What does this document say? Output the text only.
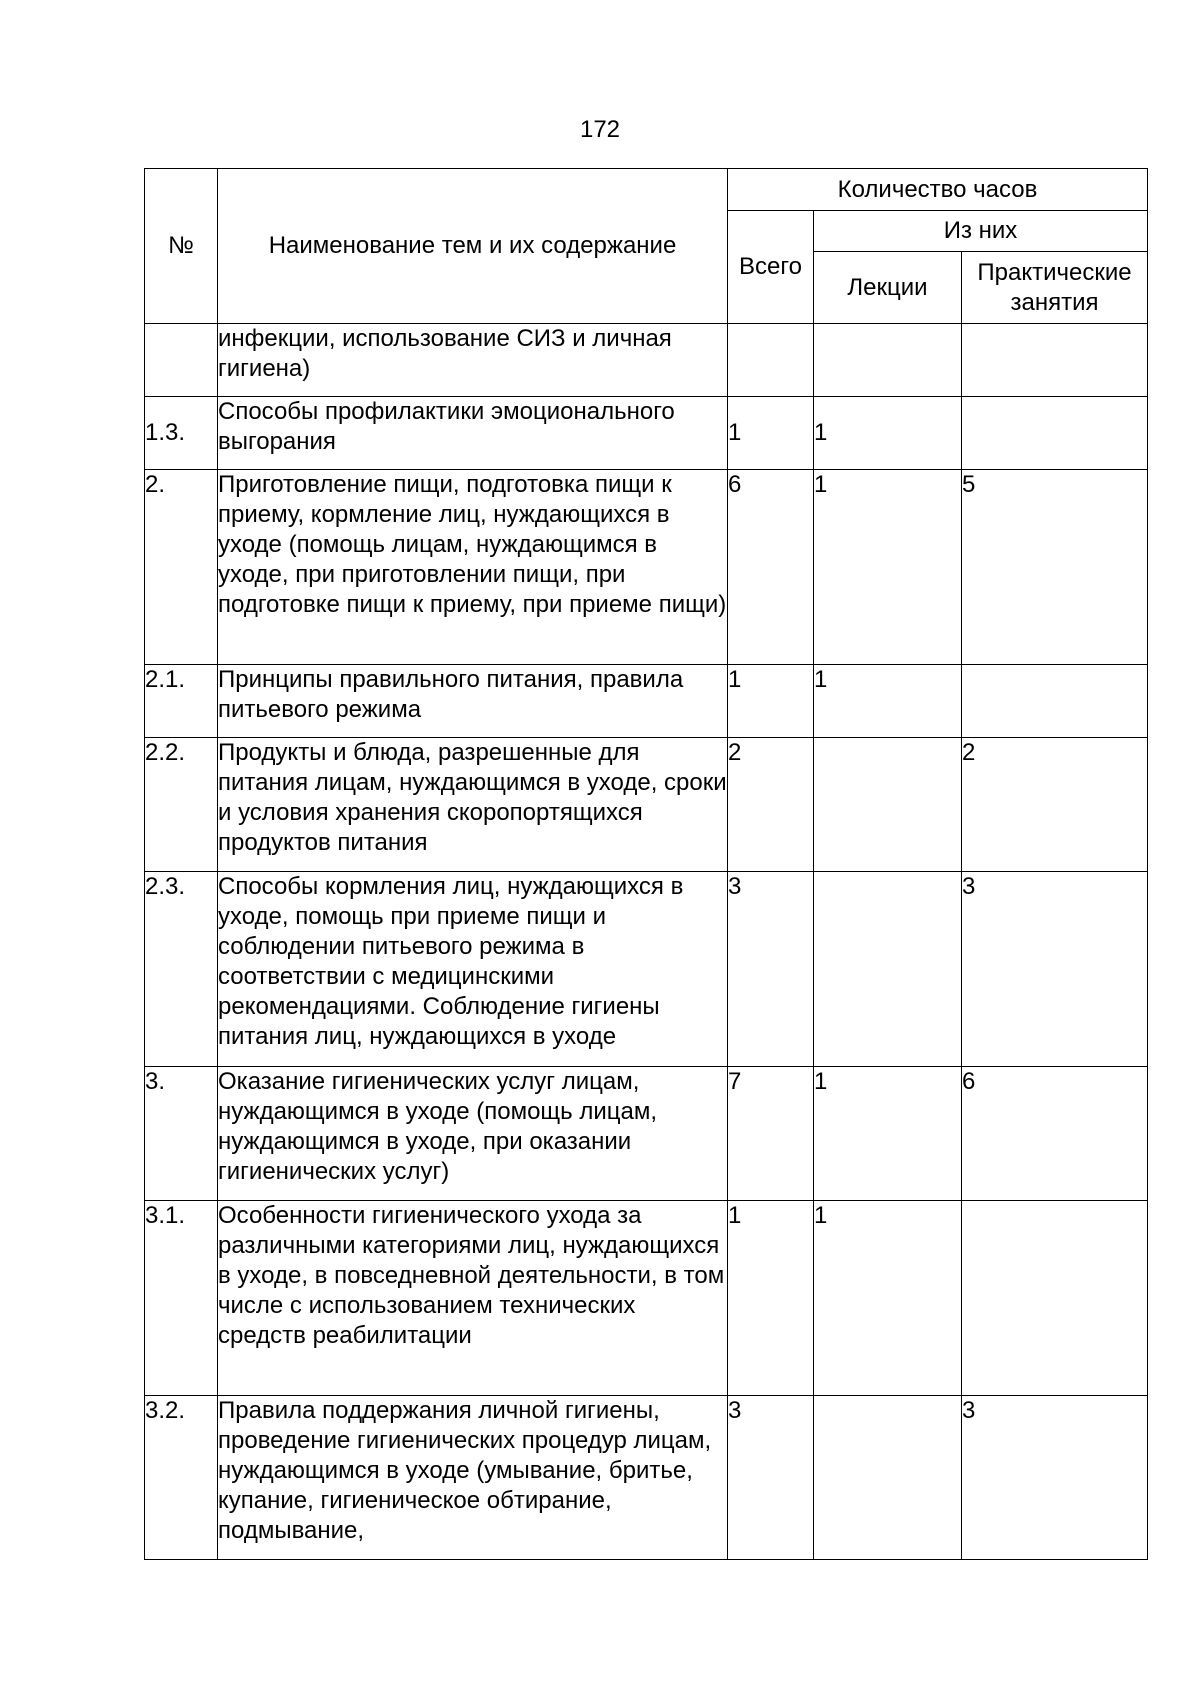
172
№	Наименование тем и их содержание	Количество часов		
		Всего	Из них	
			Лекции	Практические занятия
	инфекции, использование СИЗ и личная гигиена)			
1.3.	Способы профилактики эмоционального выгорания	1	1	
2.	Приготовление пищи, подготовка пищи к приему, кормление лиц, нуждающихся в уходе (помощь лицам, нуждающимся в уходе, при приготовлении пищи, при подготовке пищи к приему, при приеме пищи)	6	1	5
2.1.	Принципы правильного питания, правила питьевого режима	1	1	
2.2.	Продукты и блюда, разрешенные для питания лицам, нуждающимся в уходе, сроки и условия хранения скоропортящихся продуктов питания	2		2
2.3.	Способы кормления лиц, нуждающихся в уходе, помощь при приеме пищи и соблюдении питьевого режима в соответствии с медицинскими рекомендациями. Соблюдение гигиены питания лиц, нуждающихся в уходе	3		3
3.	Оказание гигиенических услуг лицам, нуждающимся в уходе (помощь лицам, нуждающимся в уходе, при оказании гигиенических услуг)	7	1	6
3.1.	Особенности гигиенического ухода за различными категориями лиц, нуждающихся в уходе, в повседневной деятельности, в том числе с использованием технических средств реабилитации	1	1	
3.2.	Правила поддержания личной гигиены, проведение гигиенических процедур лицам, нуждающимся в уходе (умывание, бритье, купание, гигиеническое обтирание, подмывание,	3		3
